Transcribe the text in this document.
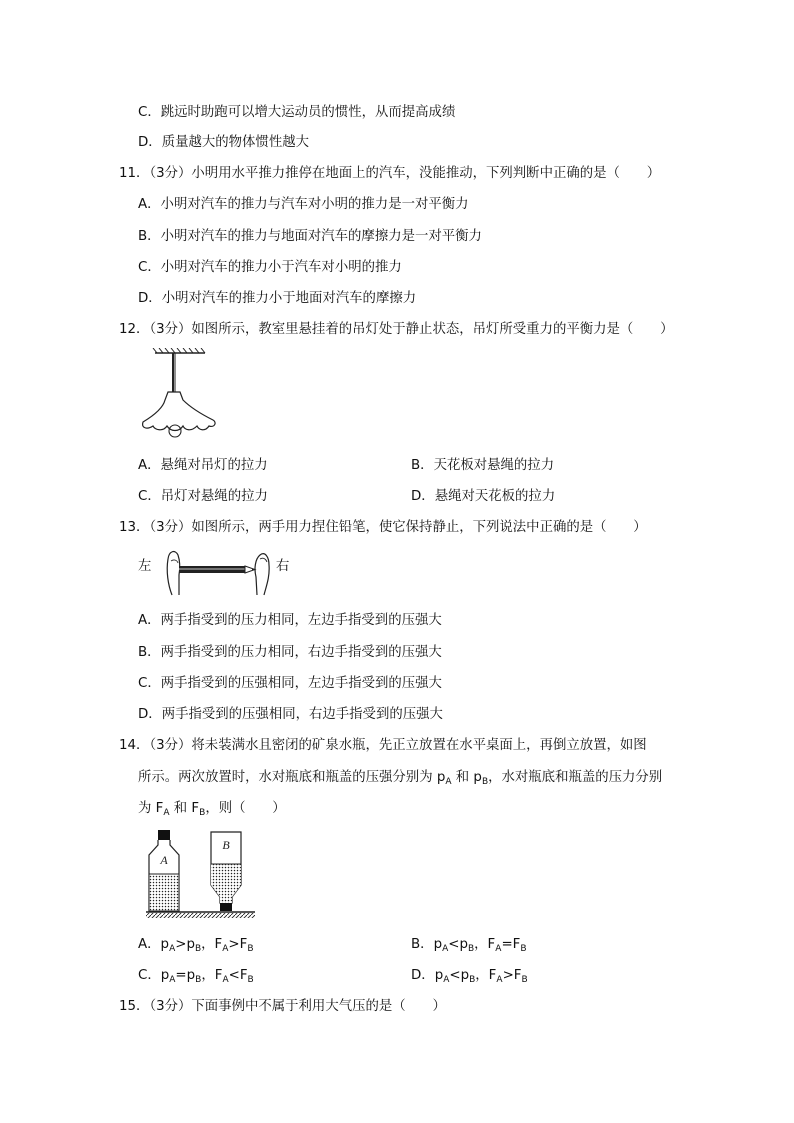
C．跳远时助跑可以增大运动员的惯性，从而提高成绩
D．质量越大的物体惯性越大
11．（3分）小明用水平推力推停在地面上的汽车，没能推动，下列判断中正确的是（　　）
A．小明对汽车的推力与汽车对小明的推力是一对平衡力
B．小明对汽车的推力与地面对汽车的摩擦力是一对平衡力
C．小明对汽车的推力小于汽车对小明的推力
D．小明对汽车的推力小于地面对汽车的摩擦力
12．（3分）如图所示，教室里悬挂着的吊灯处于静止状态，吊灯所受重力的平衡力是（　　）
A．悬绳对吊灯的拉力	B．天花板对悬绳的拉力
C．吊灯对悬绳的拉力	D．悬绳对天花板的拉力
13．（3分）如图所示，两手用力捏住铅笔，使它保持静止，下列说法中正确的是（　　）
左	右
A．两手指受到的压力相同，左边手指受到的压强大
B．两手指受到的压力相同，右边手指受到的压强大
C．两手指受到的压强相同，左边手指受到的压强大
D．两手指受到的压强相同，右边手指受到的压强大
14．（3分）将未装满水且密闭的矿泉水瓶，先正立放置在水平桌面上，再倒立放置，如图
所示。两次放置时，水对瓶底和瓶盖的压强分别为 $p_A$ 和 $p_B$，水对瓶底和瓶盖的压力分别
为 $F_A$ 和 $F_B$，则（　　）
A
B
A．$p_A>p_B$，$F_A>F_B$	B．$p_A<p_B$，$F_A=F_B$
C．$p_A=p_B$，$F_A<F_B$	D．$p_A<p_B$，$F_A>F_B$
15．（3分）下面事例中不属于利用大气压的是（　　）
